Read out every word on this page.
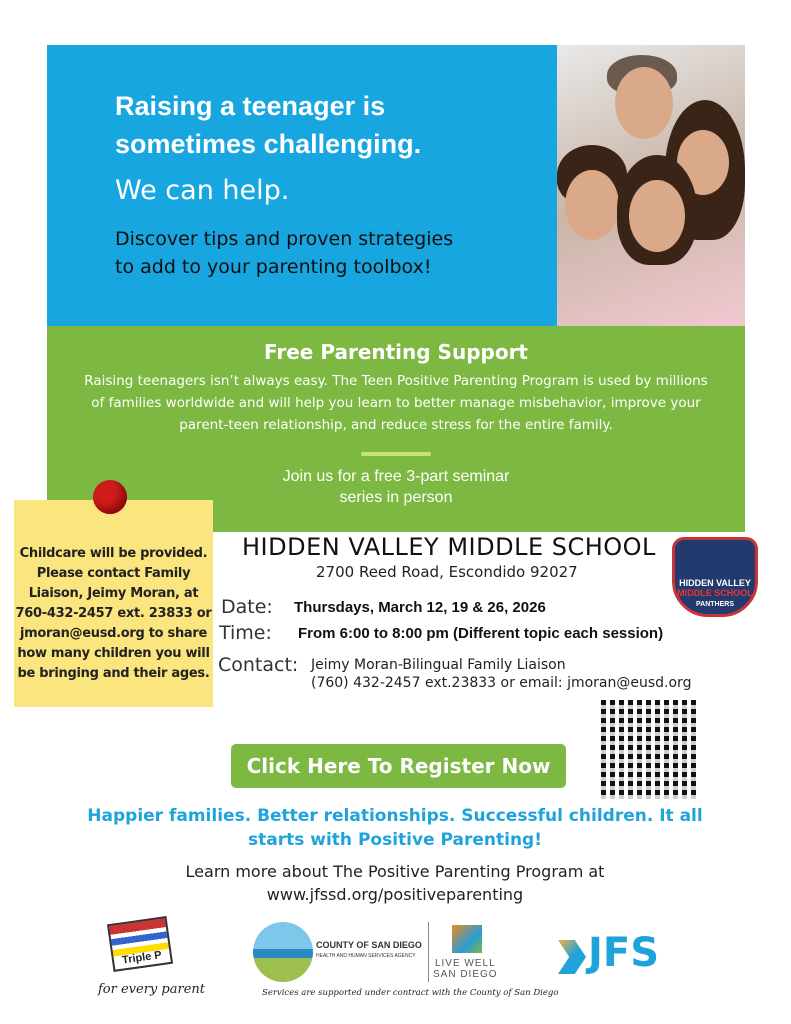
Raising a teenager is
sometimes challenging.
We can help.

Discover tips and proven strategies
to add to your parenting toolbox!

Free Parenting Support
Raising teenagers isn’t always easy. The Teen Positive Parenting Program is used by millions of families worldwide and will help you learn to better manage misbehavior, improve your parent-teen relationship, and reduce stress for the entire family.
Join us for a free 3-part seminar
series in person
Childcare will be provided. Please contact Family Liaison, Jeimy Moran, at 760-432-2457 ext. 23833 or jmoran@eusd.org to share how many children you will be bringing and their ages.
HIDDEN VALLEY MIDDLE SCHOOL
2700 Reed Road, Escondido 92027
HIDDEN VALLEY
MIDDLE SCHOOL
PANTHERS
Date: Thursdays, March 12, 19 & 26, 2026
Time: From 6:00 to 8:00 pm (Different topic each session)
Contact: Jeimy Moran-Bilingual Family Liaison
(760) 432-2457 ext.23833 or email: jmoran@eusd.org
Click Here To Register Now
Happier families. Better relationships. Successful children. It all starts with Positive Parenting!
Learn more about The Positive Parenting Program at
www.jfssd.org/positiveparenting
Triple P
for every parent
COUNTY OF SAN DIEGO
HEALTH AND HUMAN SERVICES AGENCY
LIVE WELL
SAN DIEGO JFS
Services are supported under contract with the County of San Diego
